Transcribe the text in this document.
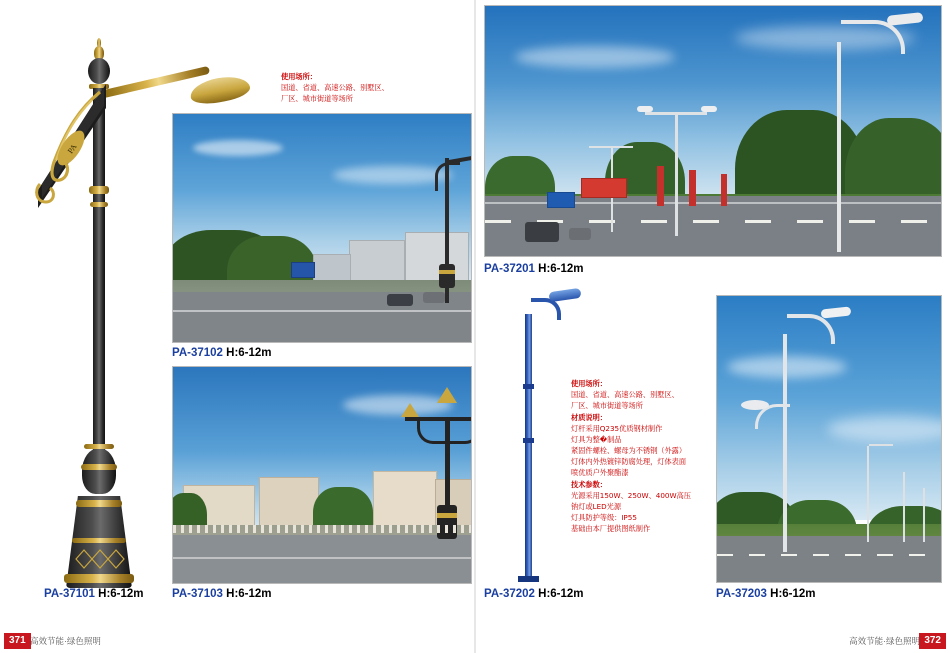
PA
PA-37101 H:6-12m

使用场所：
国道、省道、高速公路、别墅区、
厂区、城市街道等场所

PA-37102 H:6-12m
PA-37103 H:6-12m
PA-37201 H:6-12m
PA-37202 H:6-12m

使用场所：
国道、省道、高速公路、别墅区、
厂区、城市街道等场所
材质说明：
灯杆采用Q235优质钢材制作
灯具为整�制品
紧固件螺栓、螺母为不锈钢（外露）
灯体内外热镀锌防腐处理，灯体表面
喷优质户外聚酯漆
技术参数：
光源采用150W、250W、400W高压
钠灯或LED光源
灯具防护等级：IP55
基础由本厂提供图纸制作

PA-37203 H:6-12m
371 高效节能·绿色照明	372
高效节能·绿色照明
